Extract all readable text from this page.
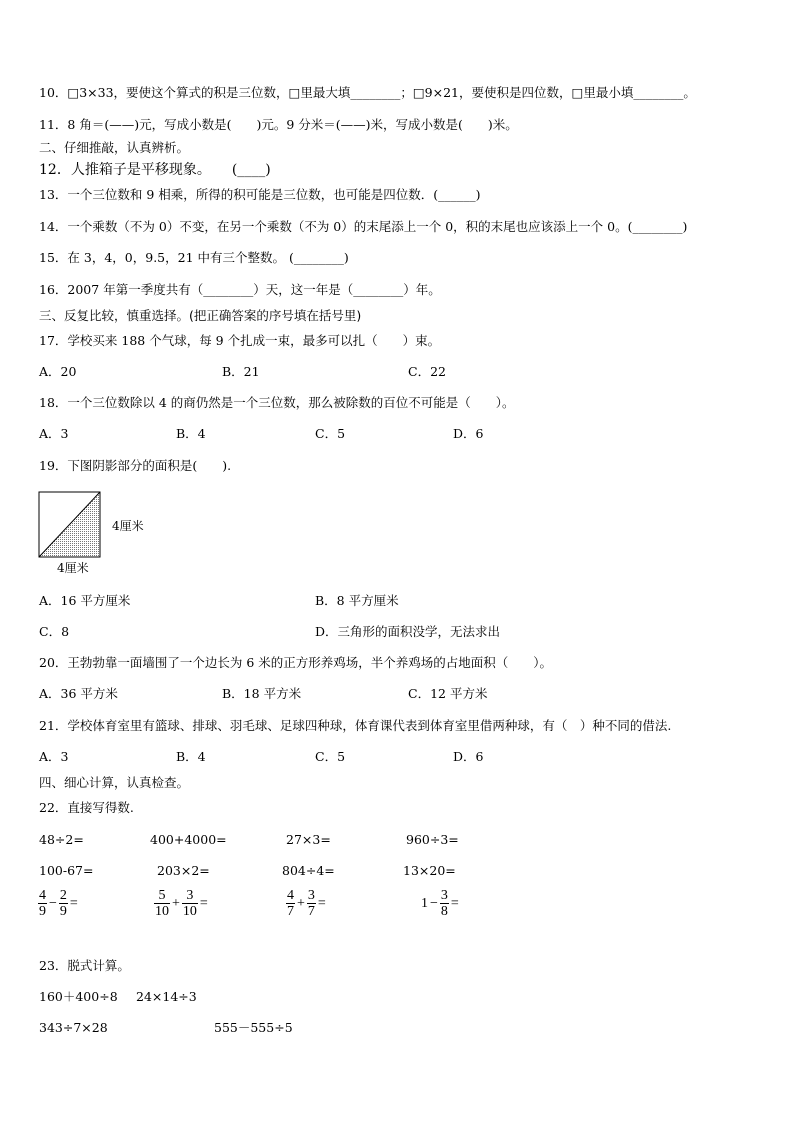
10．□3×33，要使这个算式的积是三位数，□里最大填________；□9×21，要使积是四位数，□里最小填________。
11．8 角＝(——)元，写成小数是(　　)元。9 分米＝(——)米，写成小数是(　　)米。
二、仔细推敲，认真辨析。
12．人推箱子是平移现象。　　(____)
13．一个三位数和 9 相乘，所得的积可能是三位数，也可能是四位数．(______)
14．一个乘数（不为 0）不变，在另一个乘数（不为 0）的末尾添上一个 0，积的末尾也应该添上一个 0。(________)
15．在 3，4，0，9.5，21 中有三个整数。 (________)
16．2007 年第一季度共有（________）天，这一年是（________）年。
三、反复比较，慎重选择。(把正确答案的序号填在括号里)
17．学校买来 188 个气球，每 9 个扎成一束，最多可以扎（　　）束。
A．20	B．21	C．22
18．一个三位数除以 4 的商仍然是一个三位数，那么被除数的百位不可能是（　　）。
A．3	B．4	C．5	D．6
19．下图阴影部分的面积是(　　).
4厘米
4厘米
A．16 平方厘米	B．8 平方厘米
C．8	D．三角形的面积没学，无法求出
20．王勃勃靠一面墙围了一个边长为 6 米的正方形养鸡场，半个养鸡场的占地面积（　　）。
A．36 平方米	B．18 平方米	C．12 平方米
21．学校体育室里有篮球、排球、羽毛球、足球四种球，体育课代表到体育室里借两种球，有（　）种不同的借法.
A．3	B．4	C．5	D．6
四、细心计算，认真检查。
22．直接写得数.
48÷2=	400+4000=	27×3=	960÷3=
100-67=	203×2=	804÷4=	13×20=
$\frac{4}{9} - \frac{2}{9}$ =	$\frac{5}{10} + \frac{3}{10}$ =	$\frac{4}{7} + \frac{3}{7}$ =	$1 - \frac{3}{8}$ =
23．脱式计算。
160＋400÷8 24×14÷3
343÷7×28	555－555÷5
